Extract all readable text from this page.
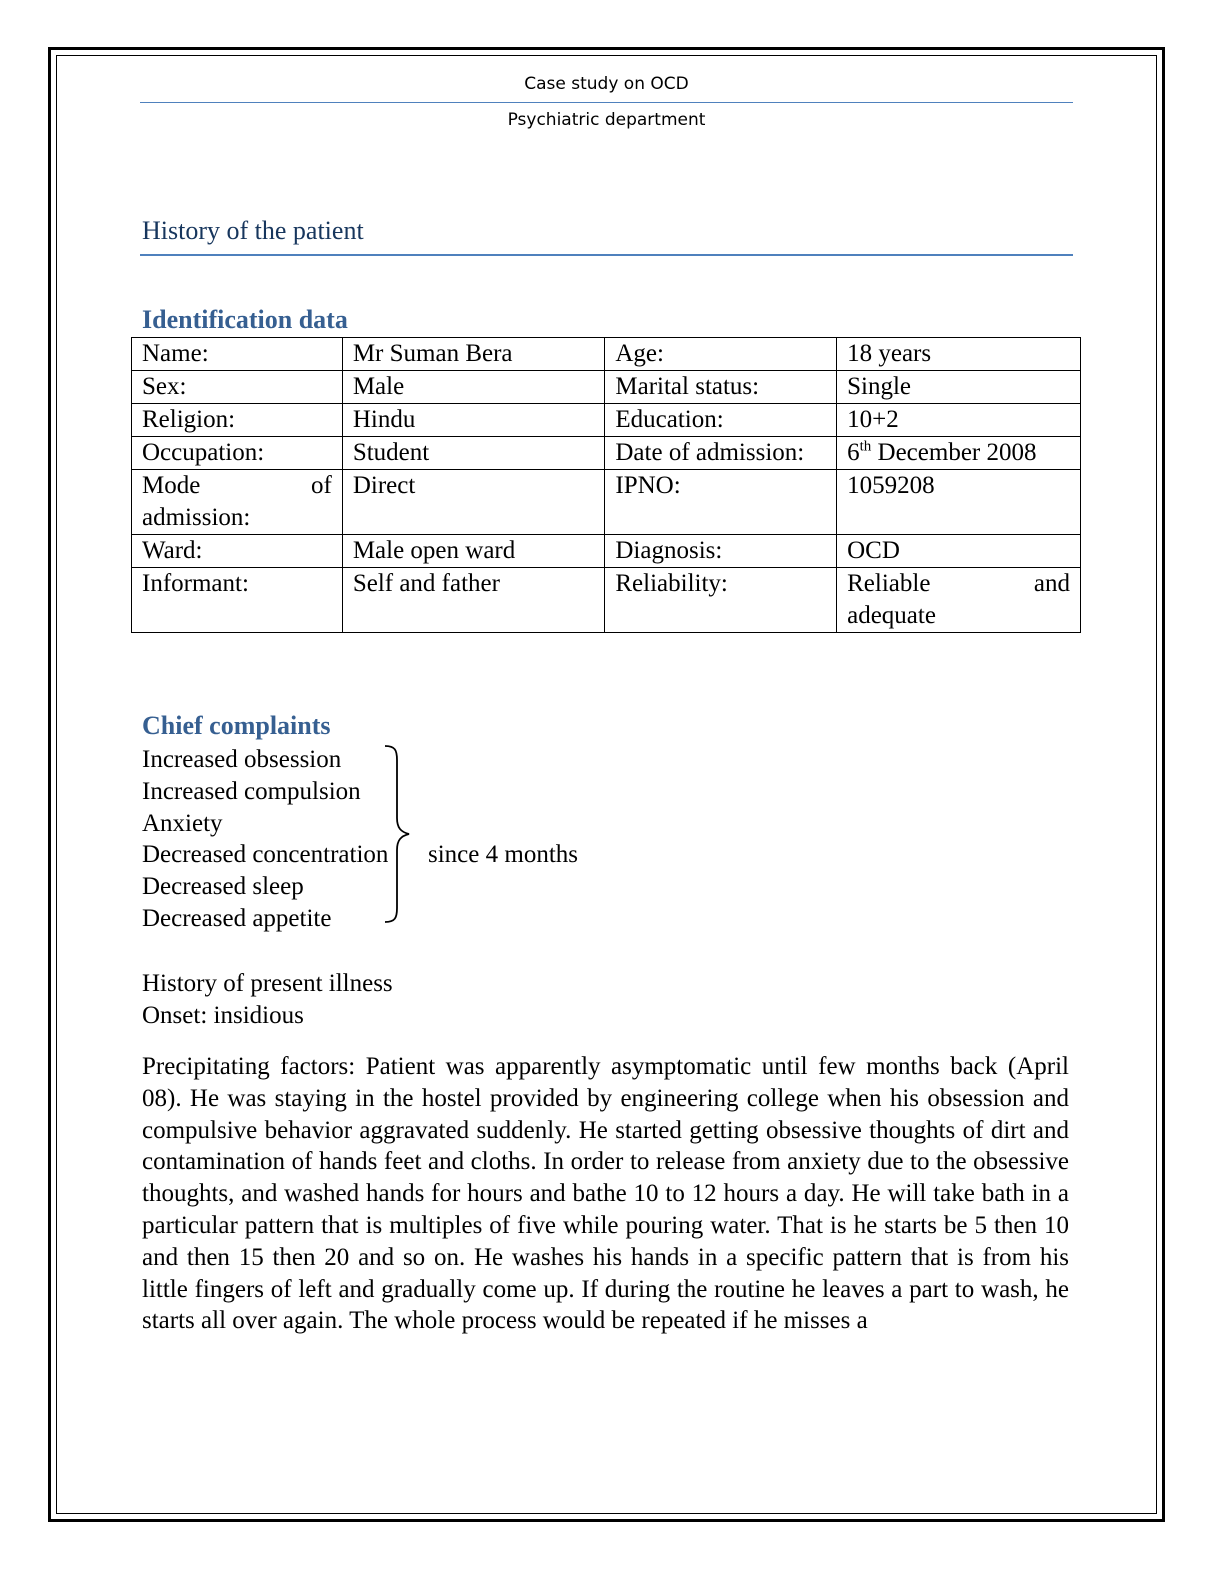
Case study on OCD
Psychiatric department
History of the patient
Identification data
Name:	Mr Suman Bera	Age:	18 years
Sex:	Male	Marital status:	Single
Religion:	Hindu	Education:	10+2
Occupation:	Student	Date of admission:	6th December 2008

Mode of
admission:	Direct	IPNO:	1059208
Ward:	Male open ward	Diagnosis:	OCD
Informant:	Self and father	Reliability:	Reliable and
adequate
Chief complaints
Increased obsession
Increased compulsion
Anxiety
Decreased concentration
Decreased sleep
Decreased appetite
since 4 months
History of present illness
Onset: insidious

Precipitating factors: Patient was apparently asymptomatic until few months back (April 08). He was staying in the hostel provided by engineering college when his obsession and compulsive behavior aggravated suddenly. He started getting obsessive thoughts of dirt and contamination of hands feet and cloths. In order to release from anxiety due to the obsessive thoughts, and washed hands for hours and bathe 10 to 12 hours a day. He will take bath in a particular pattern that is multiples of five while pouring water. That is he starts be 5 then 10 and then 15 then 20 and so on. He washes his hands in a specific pattern that is from his little fingers of left and gradually come up. If during the routine he leaves a part to wash, he starts all over again. The whole process would be repeated if he misses a
